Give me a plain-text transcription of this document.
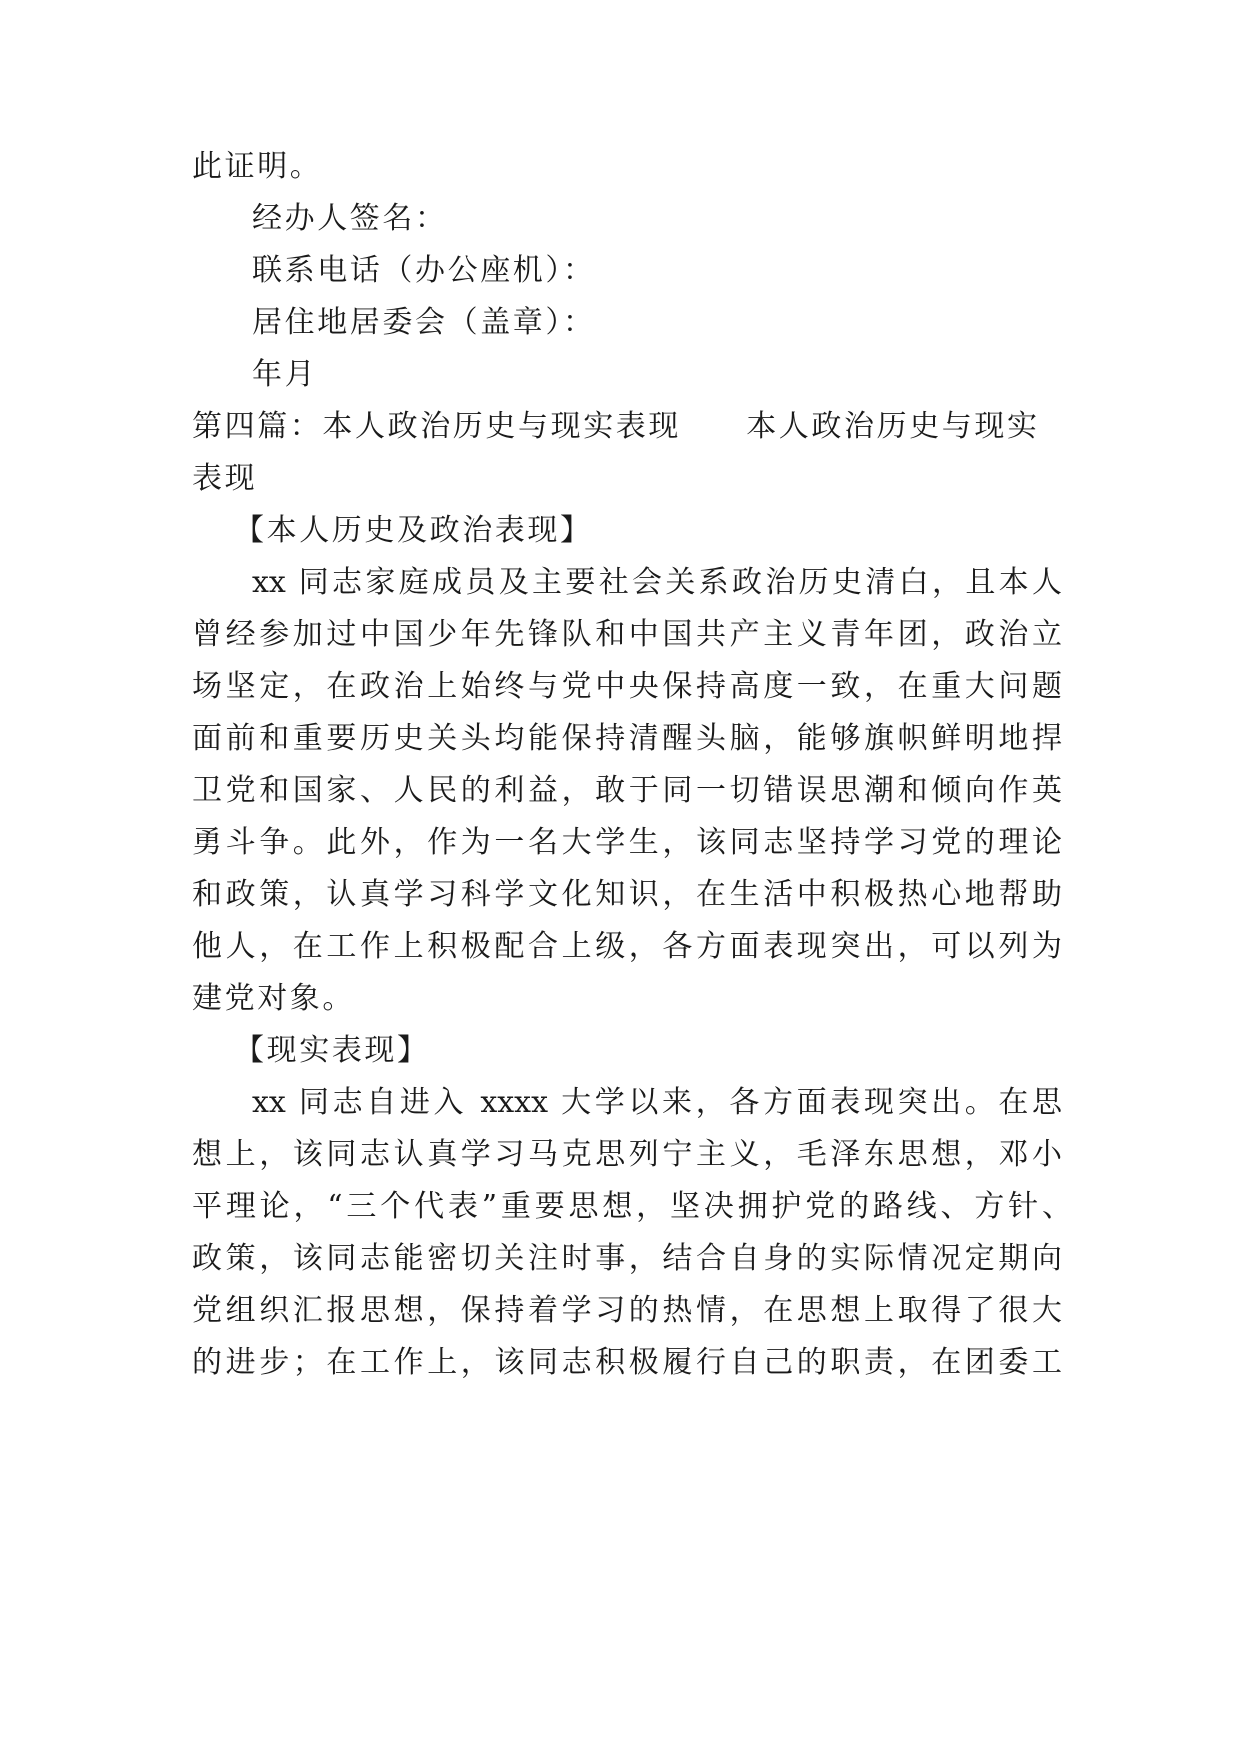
此证明。
经办人签名：
联系电话（办公座机）：
居住地居委会（盖章）：
年月
第四篇：本人政治历史与现实表现　　本人政治历史与现实
表现
【本人历史及政治表现】
xx 同志家庭成员及主要社会关系政治历史清白，且本人
曾经参加过中国少年先锋队和中国共产主义青年团，政治立
场坚定，在政治上始终与党中央保持高度一致，在重大问题
面前和重要历史关头均能保持清醒头脑，能够旗帜鲜明地捍
卫党和国家、人民的利益，敢于同一切错误思潮和倾向作英
勇斗争。此外，作为一名大学生，该同志坚持学习党的理论
和政策，认真学习科学文化知识，在生活中积极热心地帮助
他人，在工作上积极配合上级，各方面表现突出，可以列为
建党对象。
【现实表现】
xx 同志自进入 xxxx 大学以来，各方面表现突出。在思
想上，该同志认真学习马克思列宁主义，毛泽东思想，邓小
平理论，“三个代表”重要思想，坚决拥护党的路线、方针、
政策，该同志能密切关注时事，结合自身的实际情况定期向
党组织汇报思想，保持着学习的热情，在思想上取得了很大
的进步；在工作上，该同志积极履行自己的职责，在团委工
